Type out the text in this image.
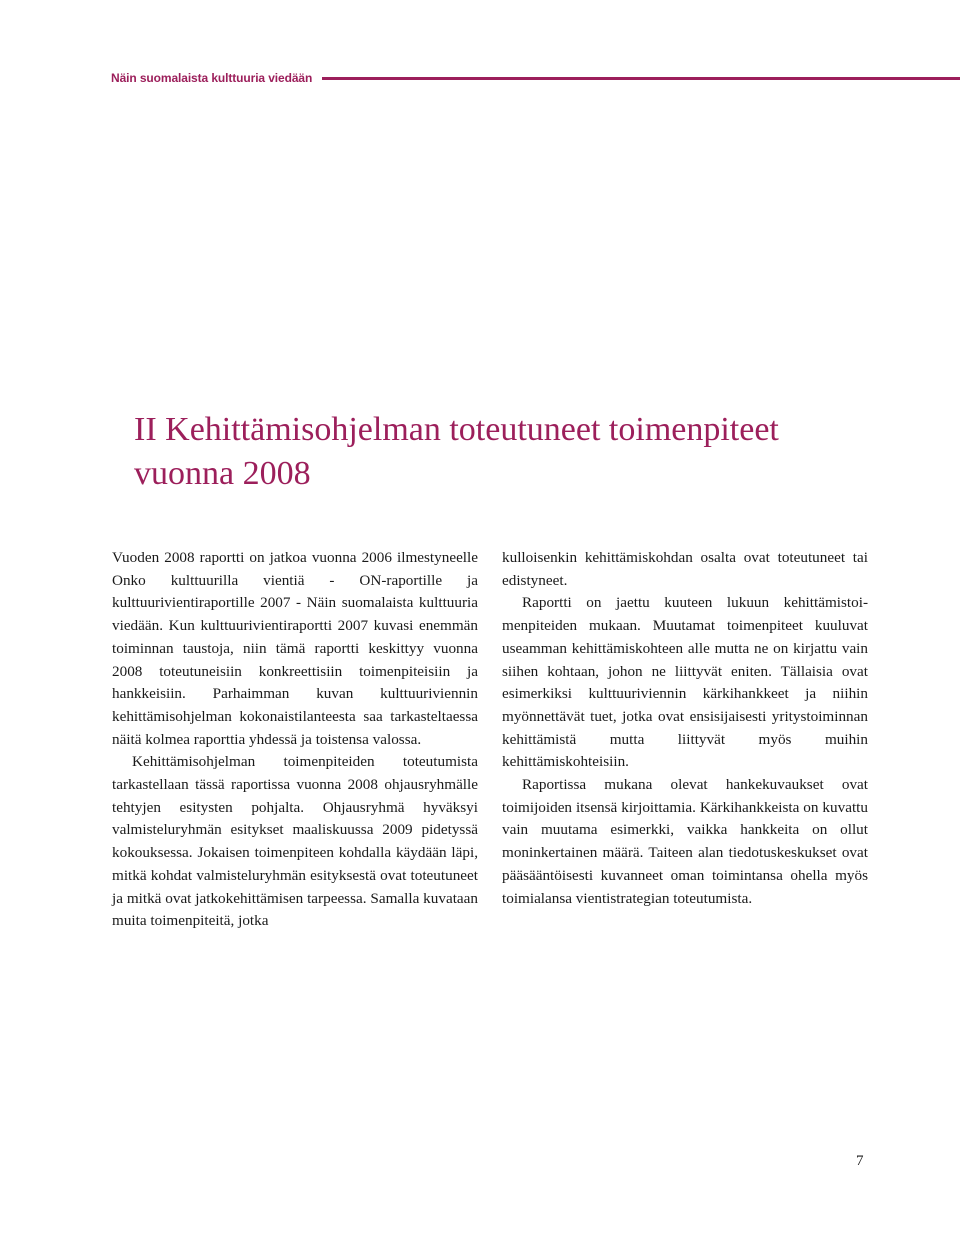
Näin suomalaista kulttuuria viedään
II Kehittämisohjelman toteutuneet toimenpiteet
vuonna 2008

Vuoden 2008 raportti on jatkoa vuonna 2006 ilmestyneelle Onko kulttuurilla vientiä - ON-raportille ja kulttuurivientiraportille 2007 - Näin suomalaista kulttuuria viedään. Kun kulttuurivientiraportti 2007 kuvasi enemmän toiminnan taustoja, niin tämä raportti keskittyy vuonna 2008 toteutuneisiin konkreettisiin toimenpiteisiin ja hankkeisiin. Parhaimman kuvan kulttuuriviennin kehittämisohjelman kokonaistilanteesta saa tarkasteltaessa näitä kolmea raporttia yhdessä ja toistensa valossa.

Kehittämisohjelman toimenpiteiden toteutumista tarkastellaan tässä raportissa vuonna 2008 ohjausryhmälle tehtyjen esitysten pohjalta. Ohjausryhmä hyväksyi valmisteluryhmän esitykset maaliskuussa 2009 pidetyssä kokouksessa. Jokaisen toimenpiteen kohdalla käydään läpi, mitkä kohdat valmisteluryhmän esityksestä ovat toteutuneet ja mitkä ovat jatkokehittämisen tarpeessa. Samalla kuvataan muita toimenpiteitä, jotka

kulloisenkin kehittämiskohdan osalta ovat toteutuneet tai edistyneet.

Raportti on jaettu kuuteen lukuun kehittämistoimenpiteiden mukaan. Muutamat toimenpiteet kuuluvat useamman kehittämiskohteen alle mutta ne on kirjattu vain siihen kohtaan, johon ne liittyvät eniten. Tällaisia ovat esimerkiksi kulttuuriviennin kärkihankkeet ja niihin myönnettävät tuet, jotka ovat ensisijaisesti yritystoiminnan kehittämistä mutta liittyvät myös muihin kehittämiskohteisiin.

Raportissa mukana olevat hankekuvaukset ovat toimijoiden itsensä kirjoittamia. Kärkihankkeista on kuvattu vain muutama esimerkki, vaikka hankkeita on ollut moninkertainen määrä. Taiteen alan tiedotuskeskukset ovat pääsääntöisesti kuvanneet oman toimintansa ohella myös toimialansa vientistrategian toteutumista.

7
